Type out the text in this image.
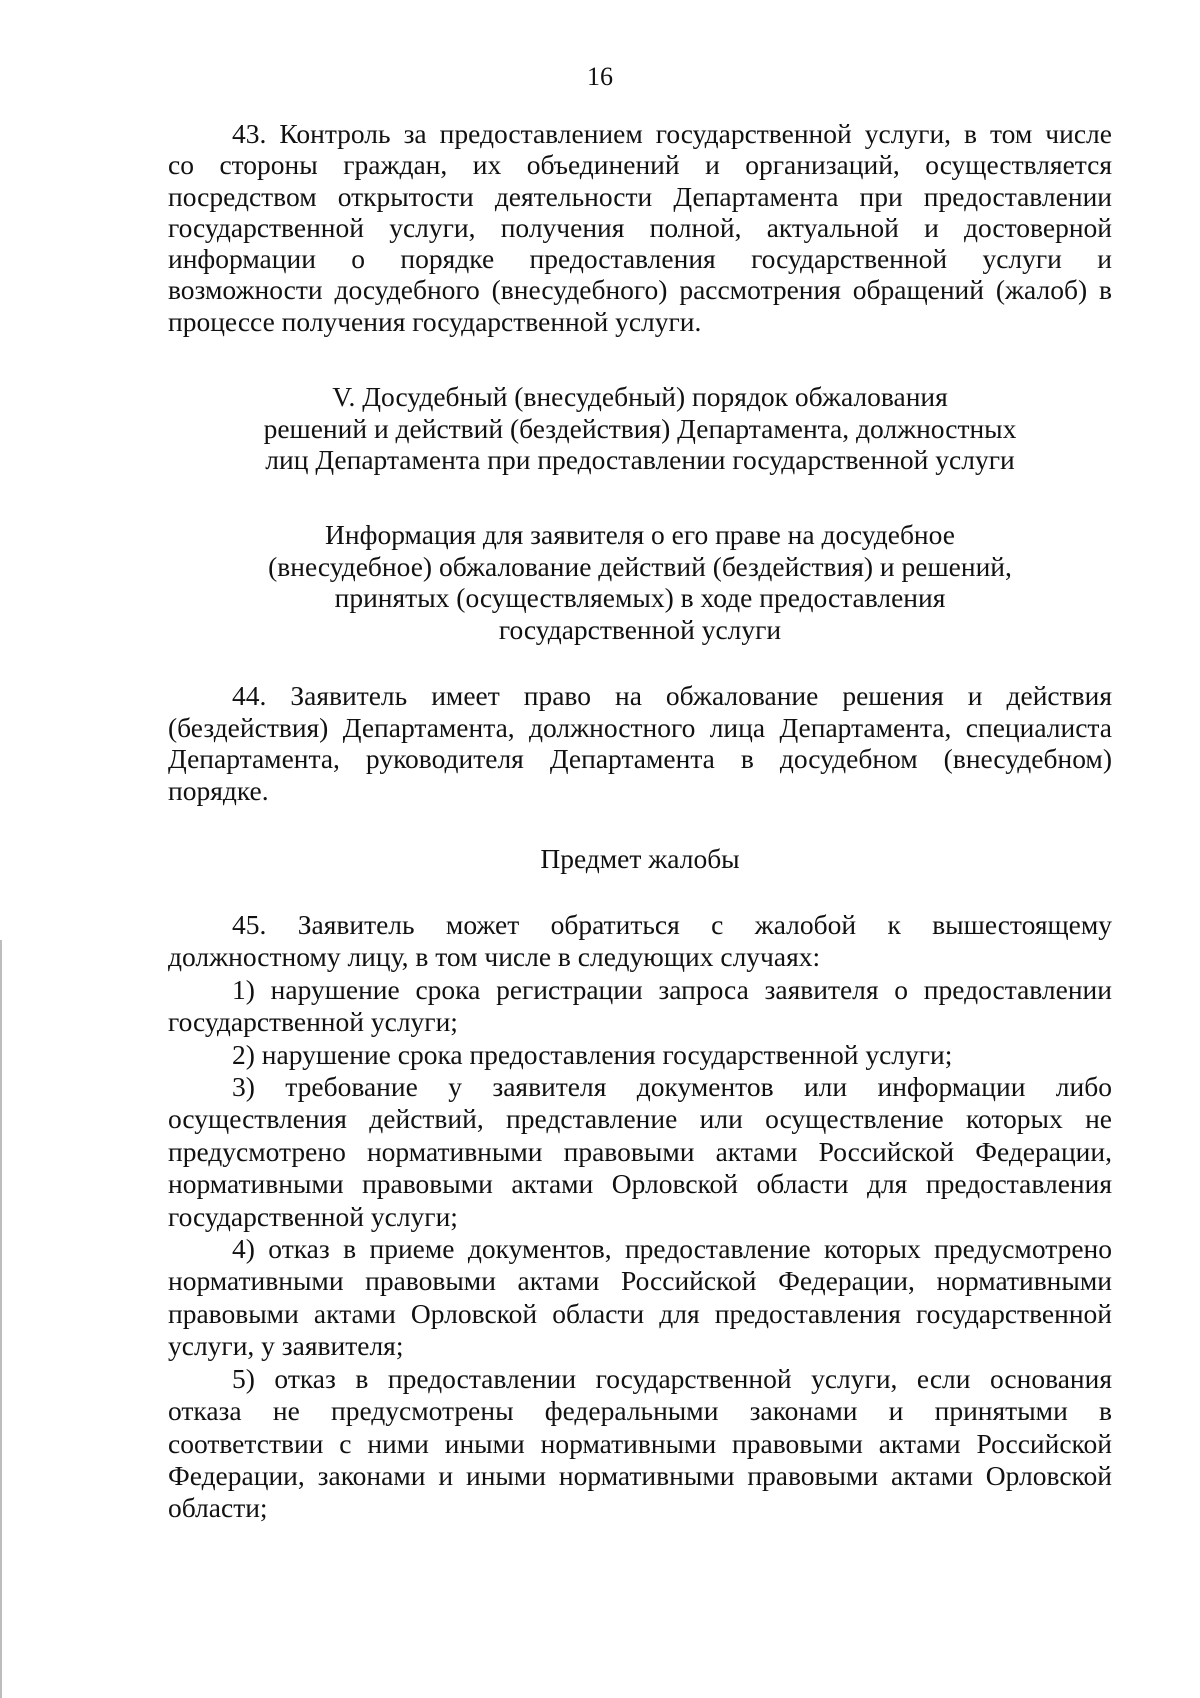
16
43. Контроль за предоставлением государственной услуги, в том числе
со стороны граждан, их объединений и организаций, осуществляется
посредством открытости деятельности Департамента при предоставлении
государственной услуги, получения полной, актуальной и достоверной
информации о порядке предоставления государственной услуги и
возможности досудебного (внесудебного) рассмотрения обращений (жалоб) в
процессе получения государственной услуги.
V. Досудебный (внесудебный) порядок обжалования
решений и действий (бездействия) Департамента, должностных
лиц Департамента при предоставлении государственной услуги
Информация для заявителя о его праве на досудебное
(внесудебное) обжалование действий (бездействия) и решений,
принятых (осуществляемых) в ходе предоставления
государственной услуги
44. Заявитель имеет право на обжалование решения и действия
(бездействия) Департамента, должностного лица Департамента, специалиста
Департамента, руководителя Департамента в досудебном (внесудебном)
порядке.
Предмет жалобы
45. Заявитель может обратиться с жалобой к вышестоящему
должностному лицу, в том числе в следующих случаях:
1) нарушение срока регистрации запроса заявителя о предоставлении
государственной услуги;
2) нарушение срока предоставления государственной услуги;
3) требование у заявителя документов или информации либо
осуществления действий, представление или осуществление которых не
предусмотрено нормативными правовыми актами Российской Федерации,
нормативными правовыми актами Орловской области для предоставления
государственной услуги;
4) отказ в приеме документов, предоставление которых предусмотрено
нормативными правовыми актами Российской Федерации, нормативными
правовыми актами Орловской области для предоставления государственной
услуги, у заявителя;
5) отказ в предоставлении государственной услуги, если основания
отказа не предусмотрены федеральными законами и принятыми в
соответствии с ними иными нормативными правовыми актами Российской
Федерации, законами и иными нормативными правовыми актами Орловской
области;
